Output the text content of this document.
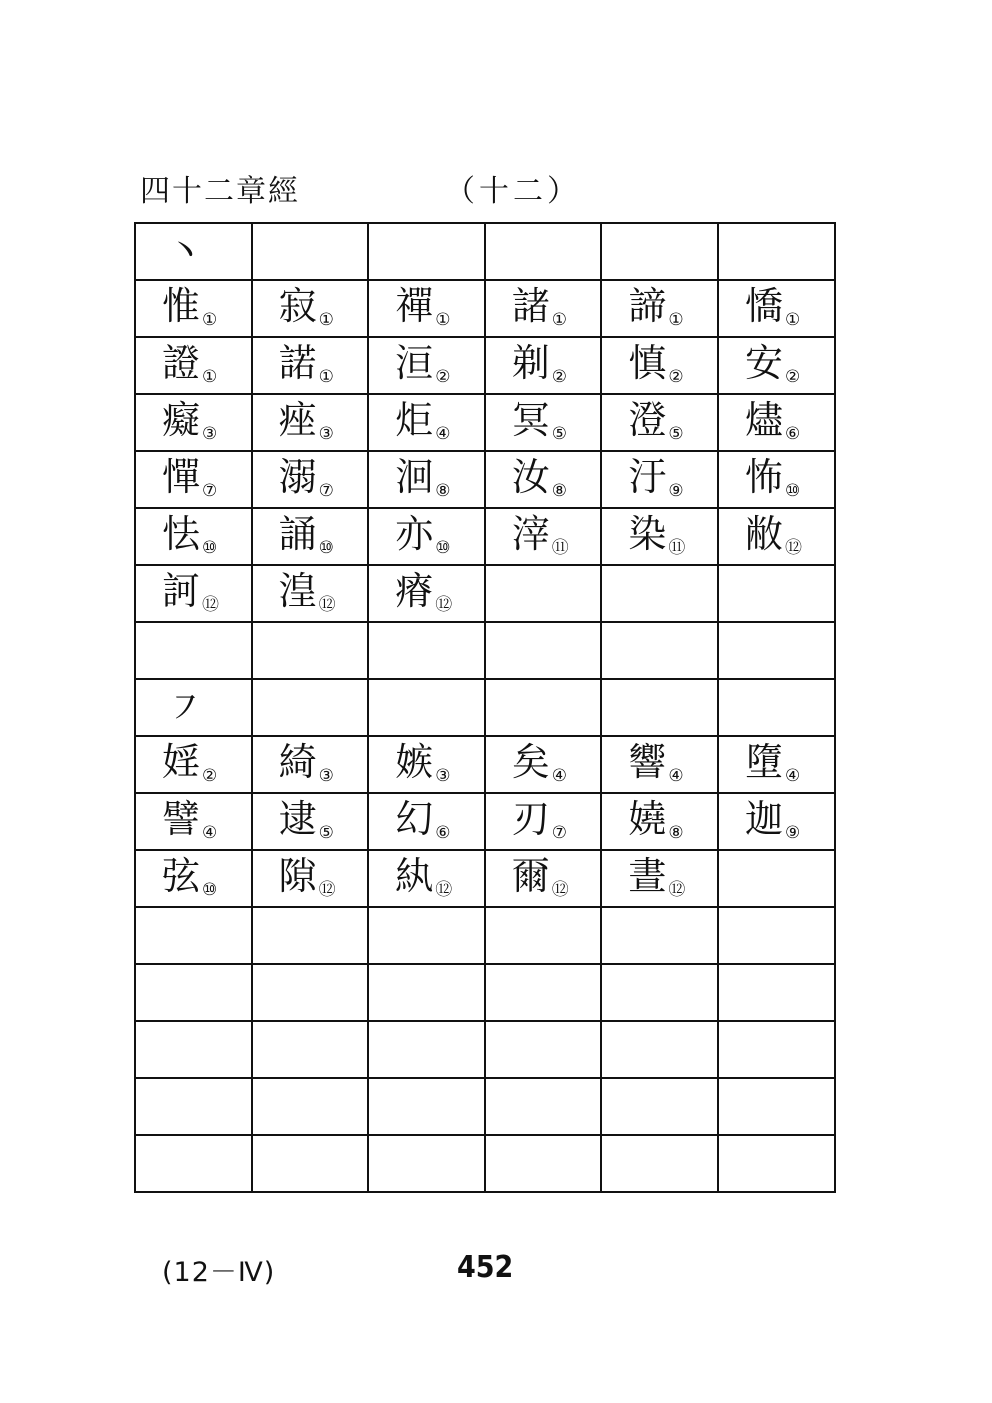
四十二章經	（十二）
丶					
惟 ①	寂 ①	禪 ①	諸 ①	諦 ①	憍 ①
證 ①	諾 ①	洹 ②	剃 ②	慎 ②	安 ②
癡 ③	痤 ③	炬 ④	冥 ⑤	澄 ⑤	燼 ⑥
憚 ⑦	溺 ⑦	洄 ⑧	汝 ⑧	汙 ⑨	怖 ⑩
怯 ⑩	誦 ⑩	亦 ⑩	滓 ⑪	染 ⑪	敝 ⑫
訶 ⑫	湟 ⑫	瘠 ⑫			

㇇					
婬 ②	綺 ③	嫉 ③	矣 ④	響 ④	墮 ④
譬 ④	逮 ⑤	幻 ⑥	刃 ⑦	嬈 ⑧	迦 ⑨
弦 ⑩	隙 ⑫	紈 ⑫	爾 ⑫	晝 ⑫	

(12－Ⅳ)	452
